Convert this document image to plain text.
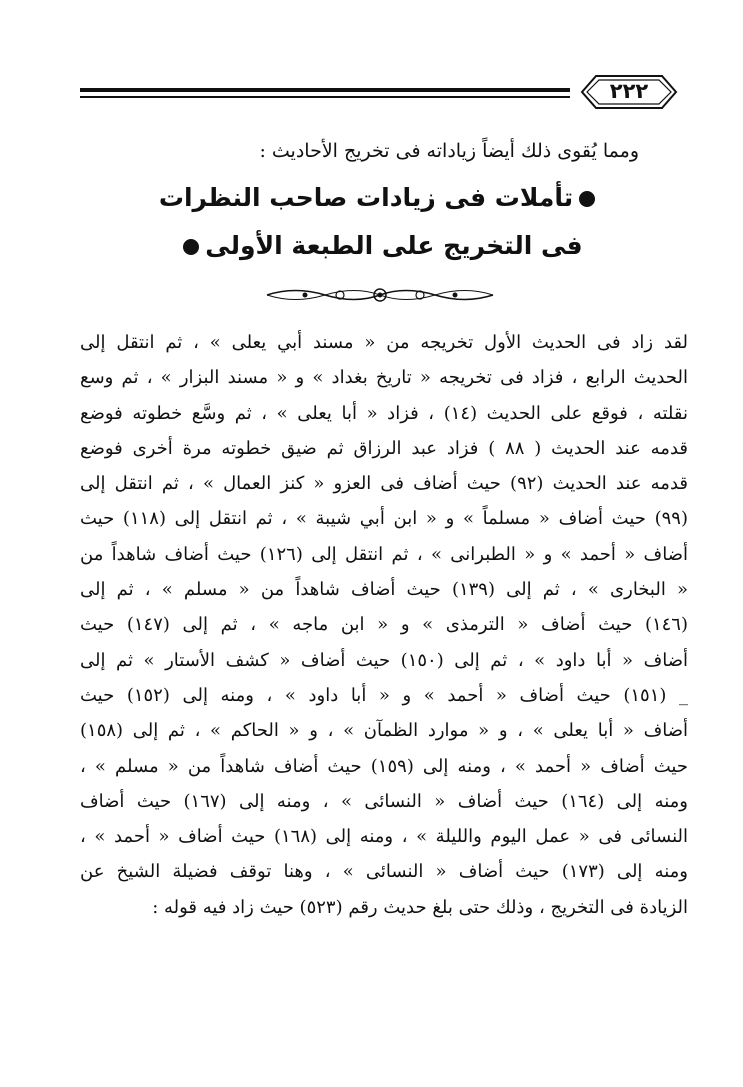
٢٢٢
ومما يُقوى ذلك أيضاً زياداته فى تخريج الأحاديث :
تأملات فى زيادات صاحب النظرات
فى التخريج على الطبعة الأولى
لقد زاد فى الحديث الأول تخريجه من « مسند أبي يعلى » ، ثم انتقل إلى
الحديث الرابع ، فزاد فى تخريجه « تاريخ بغداد » و « مسند البزار » ، ثم وسع
نقلته ، فوقع على الحديث (١٤) ، فزاد « أبا يعلى » ، ثم وسَّع خطوته فوضع
قدمه عند الحديث ( ٨٨ ) فزاد عبد الرزاق ثم ضيق خطوته مرة أخرى فوضع
قدمه عند الحديث (٩٢) حيث أضاف فى العزو « كنز العمال » ، ثم انتقل إلى
(٩٩) حيث أضاف « مسلماً » و « ابن أبي شيبة » ، ثم انتقل إلى (١١٨) حيث
أضاف « أحمد » و « الطبرانى » ، ثم انتقل إلى (١٢٦) حيث أضاف شاهداً من
« البخارى » ، ثم إلى (١٣٩) حيث أضاف شاهداً من « مسلم » ، ثم إلى
(١٤٦) حيث أضاف « الترمذى » و « ابن ماجه » ، ثم إلى (١٤٧) حيث
أضاف « أبا داود » ، ثم إلى (١٥٠) حيث أضاف « كشف الأستار » ثم إلى
_ (١٥١) حيث أضاف « أحمد » و « أبا داود » ، ومنه إلى (١٥٢) حيث
أضاف « أبا يعلى » ، و « موارد الظمآن » ، و « الحاكم » ، ثم إلى (١٥٨)
حيث أضاف « أحمد » ، ومنه إلى (١٥٩) حيث أضاف شاهداً من « مسلم » ،
ومنه إلى (١٦٤) حيث أضاف « النسائى » ، ومنه إلى (١٦٧) حيث أضاف
النسائى فى « عمل اليوم والليلة » ، ومنه إلى (١٦٨) حيث أضاف « أحمد » ،
ومنه إلى (١٧٣) حيث أضاف « النسائى » ، وهنا توقف فضيلة الشيخ عن
الزيادة فى التخريج ، وذلك حتى بلغ حديث رقم (٥٢٣) حيث زاد فيه قوله :
